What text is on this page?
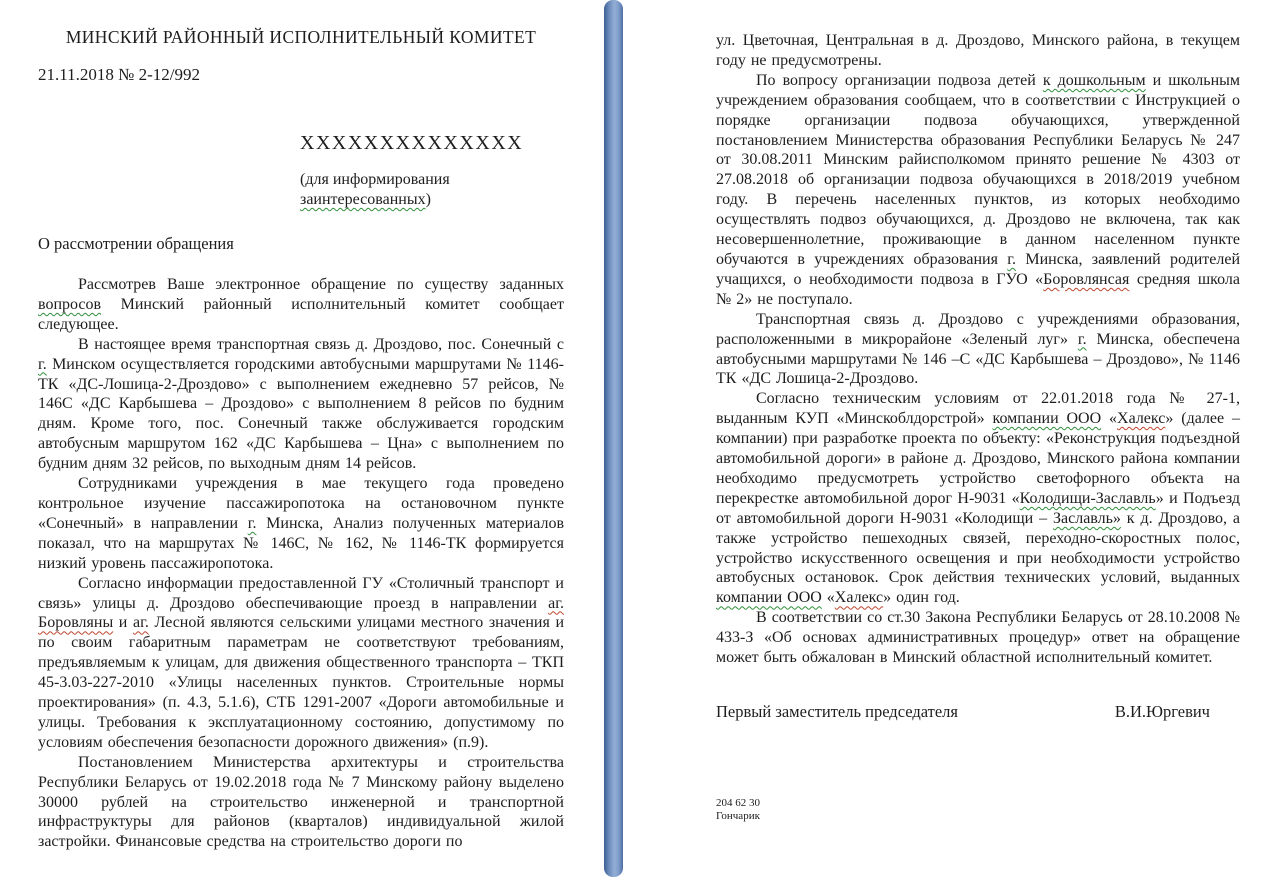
МИНСКИЙ РАЙОННЫЙ ИСПОЛНИТЕЛЬНЫЙ КОМИТЕТ
21.11.2018 № 2-12/992
ХХХХХХХХХХХХХХ

(для информирования

заинтересованных)

О рассмотрении обращения

Рассмотрев Ваше электронное обращение по существу заданных вопросов Минский районный исполнительный комитет сообщает следующее.

В настоящее время транспортная связь д. Дроздово, пос. Сонечный с г. Минском осуществляется городскими автобусными маршрутами № 1146-ТК «ДС-Лошица-2-Дроздово» с выполнением ежедневно 57 рейсов, № 146С «ДС Карбышева – Дроздово» с выполнением 8 рейсов по будним дням. Кроме того, пос. Сонечный также обслуживается городским автобусным маршрутом 162 «ДС Карбышева – Цна» с выполнением по будним дням 32 рейсов, по выходным дням 14 рейсов.

Сотрудниками учреждения в мае текущего года проведено контрольное изучение пассажиропотока на остановочном пункте «Сонечный» в направлении г. Минска, Анализ полученных материалов показал, что на маршрутах № 146С, № 162, № 1146-ТК формируется низкий уровень пассажиропотока.

Согласно информации предоставленной ГУ «Столичный транспорт и связь» улицы д. Дроздово обеспечивающие проезд в направлении аг. Боровляны и аг. Лесной являются сельскими улицами местного значения и по своим габаритным параметрам не соответствуют требованиям, предъявляемым к улицам, для движения общественного транспорта – ТКП 45-3.03-227-2010 «Улицы населенных пунктов. Строительные нормы проектирования» (п. 4.3, 5.1.6), СТБ 1291-2007 «Дороги автомобильные и улицы. Требования к эксплуатационному состоянию, допустимому по условиям обеспечения безопасности дорожного движения» (п.9).

Постановлением Министерства архитектуры и строительства Республики Беларусь от 19.02.2018 года № 7 Минскому району выделено 30000 рублей на строительство инженерной и транспортной инфраструктуры для районов (кварталов) индивидуальной жилой застройки. Финансовые средства на строительство дороги по

ул. Цветочная, Центральная в д. Дроздово, Минского района, в текущем году не предусмотрены.

По вопросу организации подвоза детей к дошкольным и школьным учреждением образования сообщаем, что в соответствии с Инструкцией о порядке организации подвоза обучающихся, утвержденной постановлением Министерства образования Республики Беларусь № 247 от 30.08.2011 Минским райисполкомом принято решение № 4303 от 27.08.2018 об организации подвоза обучающихся в 2018/2019 учебном году. В перечень населенных пунктов, из которых необходимо осуществлять подвоз обучающихся, д. Дроздово не включена, так как несовершеннолетние, проживающие в данном населенном пункте обучаются в учреждениях образования г. Минска, заявлений родителей учащихся, о необходимости подвоза в ГУО «Боровлянсая средняя школа № 2» не поступало.

Транспортная связь д. Дроздово с учреждениями образования, расположенными в микрорайоне «Зеленый луг» г. Минска, обеспечена автобусными маршрутами № 146 –С «ДС Карбышева – Дроздово», № 1146 ТК «ДС Лошица-2-Дроздово.

Согласно техническим условиям от 22.01.2018 года № 27-1, выданным КУП «Минскоблдорстрой» компании ООО «Халекс» (далее – компании) при разработке проекта по объекту: «Реконструкция подъездной автомобильной дороги» в районе д. Дроздово, Минского района компании необходимо предусмотреть устройство светофорного объекта на перекрестке автомобильной дорог Н-9031 «Колодищи-Заславль» и Подъезд от автомобильной дороги Н-9031 «Колодищи – Заславль» к д. Дроздово, а также устройство пешеходных связей, переходно-скоростных полос, устройство искусственного освещения и при необходимости устройство автобусных остановок. Срок действия технических условий, выданных компании ООО «Халекс» один год.

В соответствии со ст.30 Закона Республики Беларусь от 28.10.2008 № 433-З «Об основах административных процедур» ответ на обращение может быть обжалован в Минский областной исполнительный комитет.

Первый заместитель председателя	В.И.Юргевич
204 62 30
Гончарик
